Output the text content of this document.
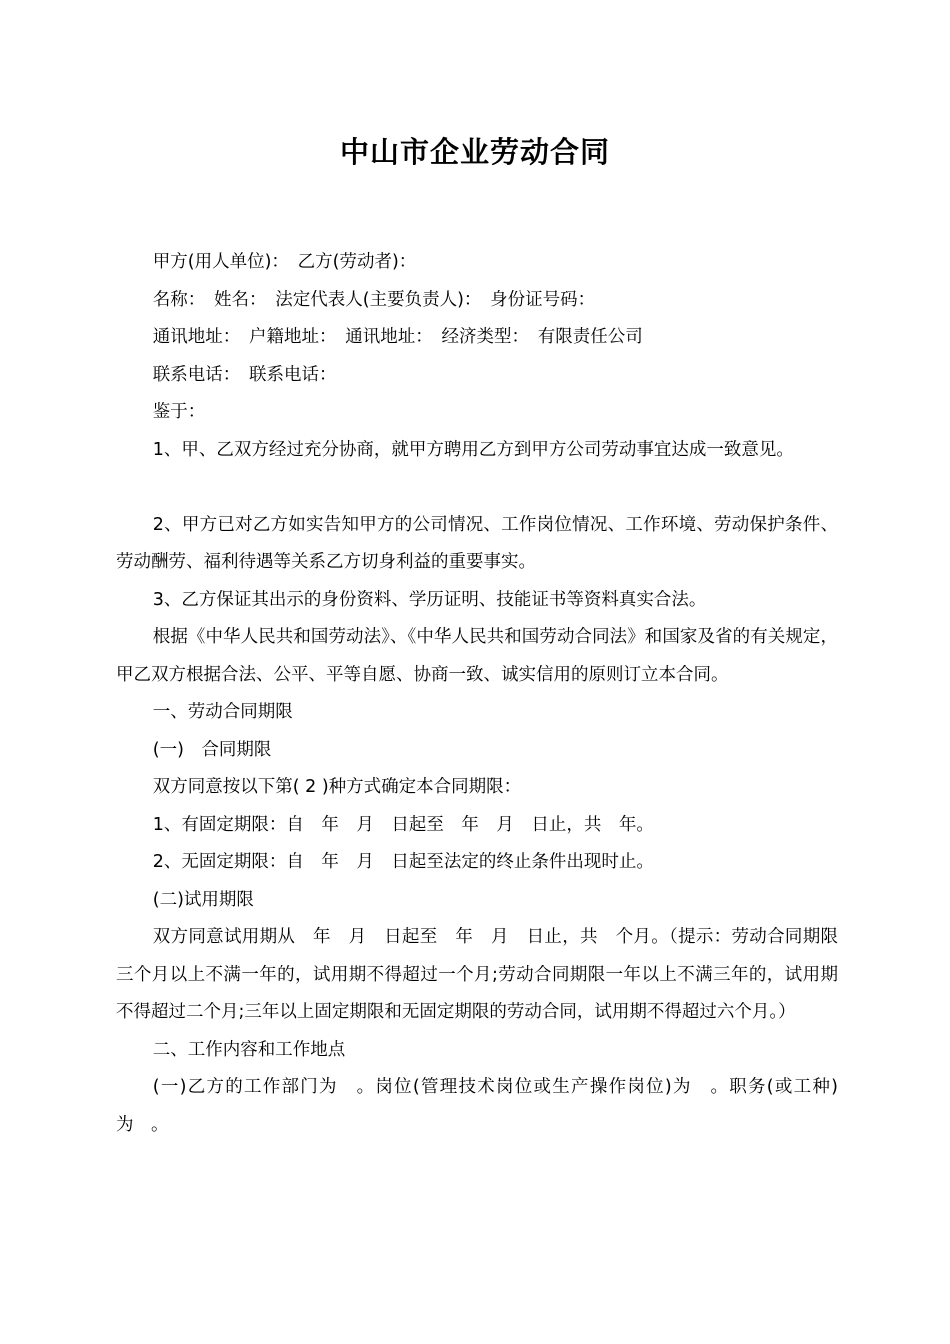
中山市企业劳动合同

甲方(用人单位)：　乙方(劳动者)：

名称：　姓名：　法定代表人(主要负责人)：　身份证号码：

通讯地址：　户籍地址：　通讯地址：　经济类型：　有限责任公司

联系电话：　联系电话：

鉴于：

1、甲、乙双方经过充分协商，就甲方聘用乙方到甲方公司劳动事宜达成一致意见。

2、甲方已对乙方如实告知甲方的公司情况、工作岗位情况、工作环境、劳动保护条件、劳动酬劳、福利待遇等关系乙方切身利益的重要事实。

3、乙方保证其出示的身份资料、学历证明、技能证书等资料真实合法。

根据《中华人民共和国劳动法》、《中华人民共和国劳动合同法》和国家及省的有关规定，甲乙双方根据合法、公平、平等自愿、协商一致、诚实信用的原则订立本合同。

一、劳动合同期限

(一)　合同期限

双方同意按以下第( 2 )种方式确定本合同期限：

1、有固定期限：自　年　月　日起至　年　月　日止，共　年。

2、无固定期限：自　年　月　日起至法定的终止条件出现时止。

(二)试用期限

双方同意试用期从　年　月　日起至　年　月　日止，共　个月。（提示：劳动合同期限三个月以上不满一年的，试用期不得超过一个月;劳动合同期限一年以上不满三年的，试用期不得超过二个月;三年以上固定期限和无固定期限的劳动合同，试用期不得超过六个月。）

二、工作内容和工作地点

(一)乙方的工作部门为　。岗位(管理技术岗位或生产操作岗位)为　。职务(或工种)为　。
